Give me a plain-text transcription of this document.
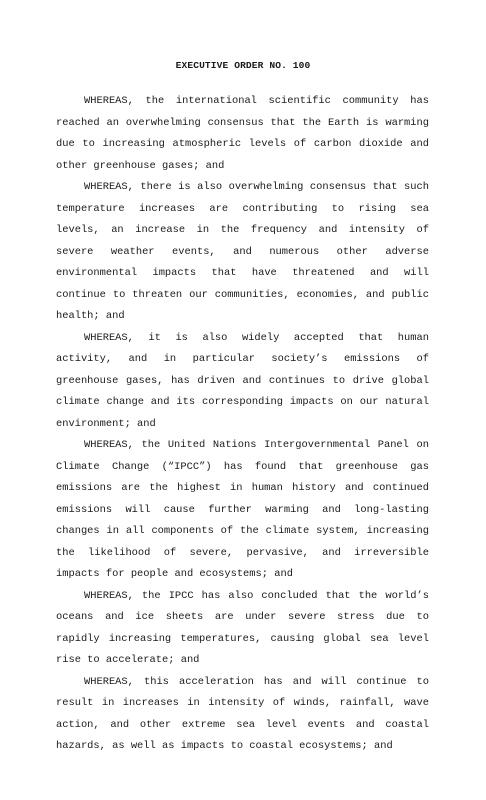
EXECUTIVE ORDER NO. 100

WHEREAS, the international scientific community has reached an overwhelming consensus that the Earth is warming due to increasing atmospheric levels of carbon dioxide and other greenhouse gases; and

WHEREAS, there is also overwhelming consensus that such temperature increases are contributing to rising sea levels, an increase in the frequency and intensity of severe weather events, and numerous other adverse environmental impacts that have threatened and will continue to threaten our communities, economies, and public health; and

WHEREAS, it is also widely accepted that human activity, and in particular society’s emissions of greenhouse gases, has driven and continues to drive global climate change and its corresponding impacts on our natural environment; and

WHEREAS, the United Nations Intergovernmental Panel on Climate Change (“IPCC”) has found that greenhouse gas emissions are the highest in human history and continued emissions will cause further warming and long-lasting changes in all components of the climate system, increasing the likelihood of severe, pervasive, and irreversible impacts for people and ecosystems; and

WHEREAS, the IPCC has also concluded that the world’s oceans and ice sheets are under severe stress due to rapidly increasing temperatures, causing global sea level rise to accelerate; and

WHEREAS, this acceleration has and will continue to result in increases in intensity of winds, rainfall, wave action, and other extreme sea level events and coastal hazards, as well as impacts to coastal ecosystems; and
